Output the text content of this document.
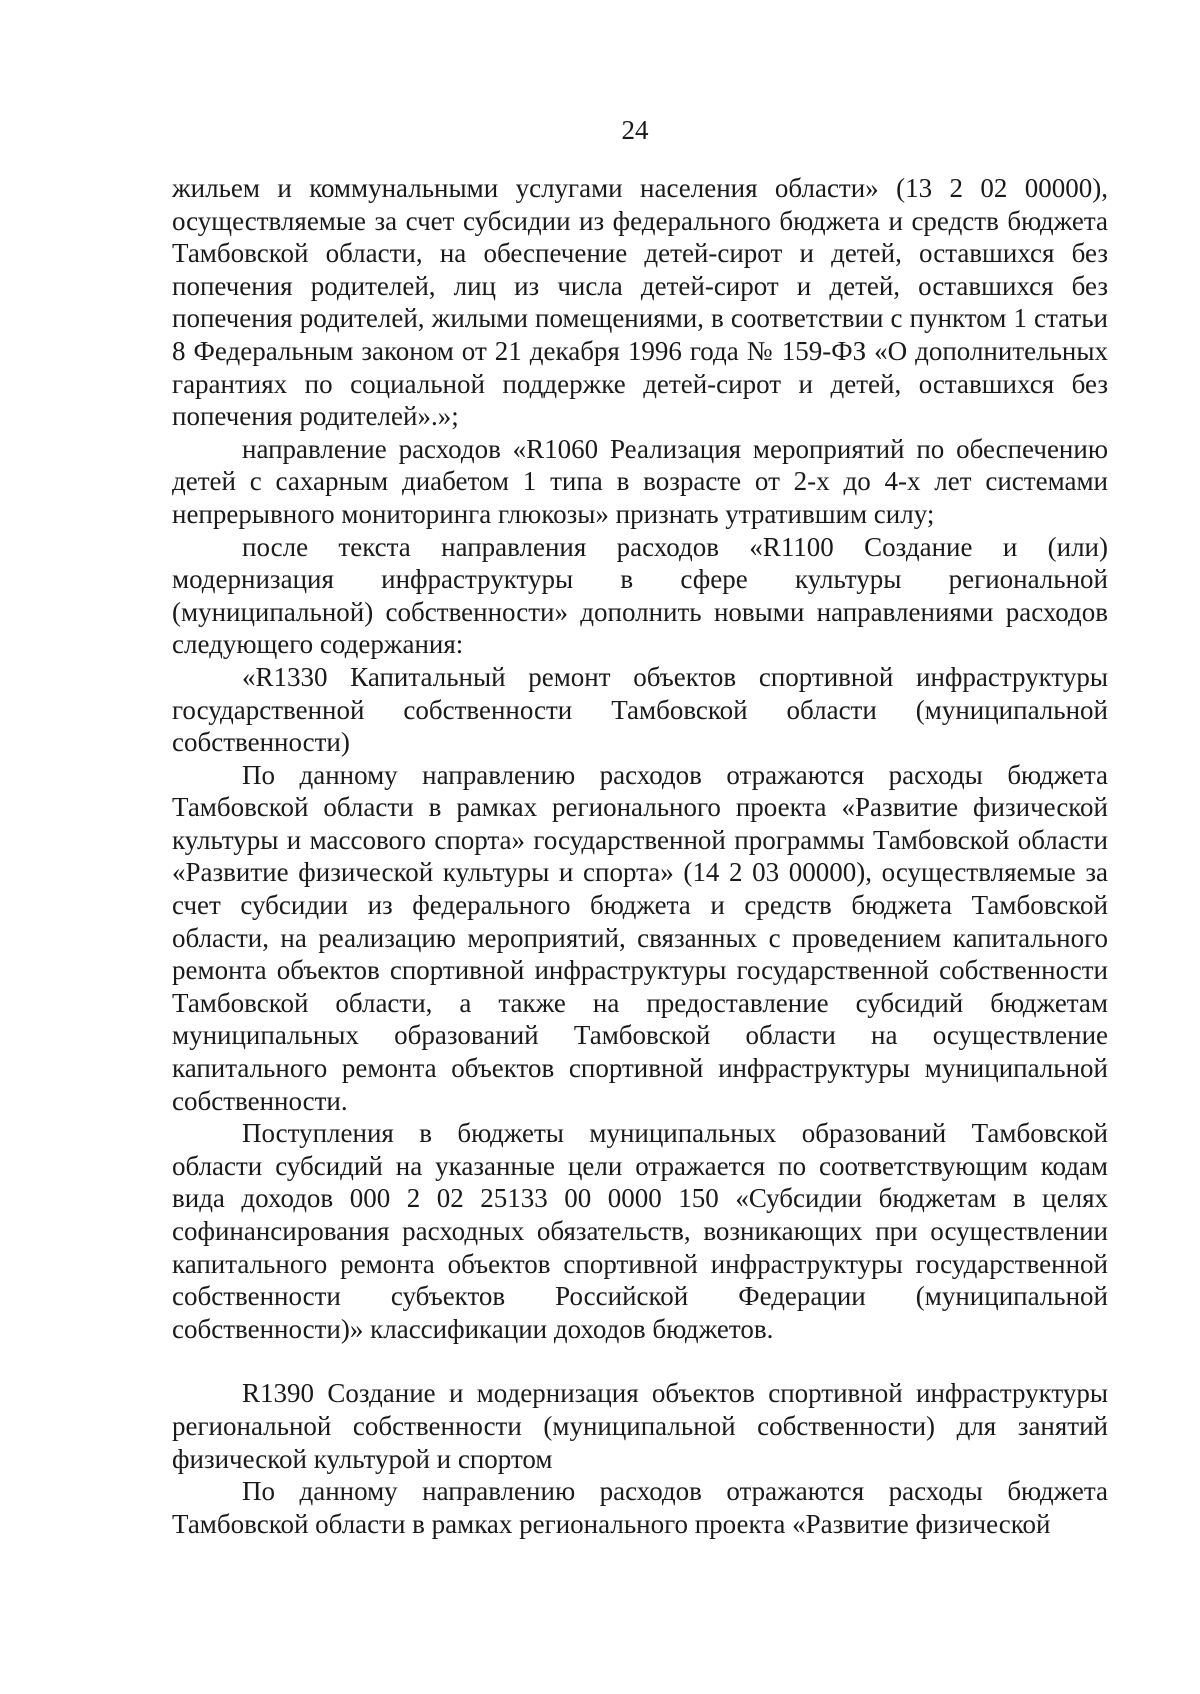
24

жильем и коммунальными услугами населения области» (13 2 02 00000), осуществляемые за счет субсидии из федерального бюджета и средств бюджета Тамбовской области, на обеспечение детей-сирот и детей, оставшихся без попечения родителей, лиц из числа детей-сирот и детей, оставшихся без попечения родителей, жилыми помещениями, в соответствии с пунктом 1 статьи 8 Федеральным законом от 21 декабря 1996 года № 159-ФЗ «О дополнительных гарантиях по социальной поддержке детей-сирот и детей, оставшихся без попечения родителей».»;

направление расходов «R1060 Реализация мероприятий по обеспечению детей с сахарным диабетом 1 типа в возрасте от 2-х до 4-х лет системами непрерывного мониторинга глюкозы» признать утратившим силу;

после текста направления расходов «R1100 Создание и (или) модернизация инфраструктуры в сфере культуры региональной (муниципальной) собственности» дополнить новыми направлениями расходов следующего содержания:

«R1330 Капитальный ремонт объектов спортивной инфраструктуры государственной собственности Тамбовской области (муниципальной собственности)

По данному направлению расходов отражаются расходы бюджета Тамбовской области в рамках регионального проекта «Развитие физической культуры и массового спорта» государственной программы Тамбовской области «Развитие физической культуры и спорта» (14 2 03 00000), осуществляемые за счет субсидии из федерального бюджета и средств бюджета Тамбовской области, на реализацию мероприятий, связанных с проведением капитального ремонта объектов спортивной инфраструктуры государственной собственности Тамбовской области, а также на предоставление субсидий бюджетам муниципальных образований Тамбовской области на осуществление капитального ремонта объектов спортивной инфраструктуры муниципальной собственности.

Поступления в бюджеты муниципальных образований Тамбовской области субсидий на указанные цели отражается по соответствующим кодам вида доходов 000 2 02 25133 00 0000 150 «Субсидии бюджетам в целях софинансирования расходных обязательств, возникающих при осуществлении капитального ремонта объектов спортивной инфраструктуры государственной собственности субъектов Российской Федерации (муниципальной собственности)» классификации доходов бюджетов.

R1390 Создание и модернизация объектов спортивной инфраструктуры региональной собственности (муниципальной собственности) для занятий физической культурой и спортом

По данному направлению расходов отражаются расходы бюджета Тамбовской области в рамках регионального проекта «Развитие физической
